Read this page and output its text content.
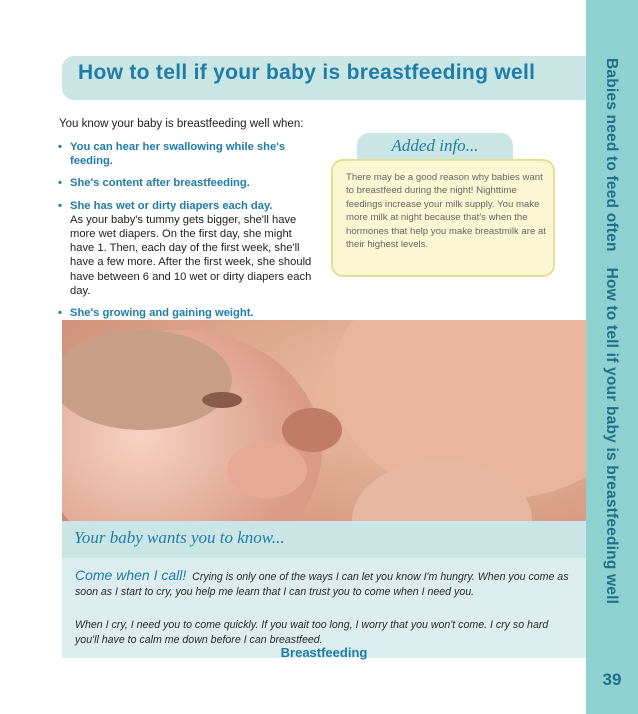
Babies need to feed oftenHow to tell if your baby is breastfeeding well
How to tell if your baby is breastfeeding well
You know your baby is breastfeeding well when:
• You can hear her swallowing while she's feeding.
• She's content after breastfeeding.
• She has wet or dirty diapers each day.
As your baby's tummy gets bigger, she'll have more wet diapers. On the first day, she might have 1. Then, each day of the first week, she'll have a few more. After the first week, she should have between 6 and 10 wet or dirty diapers each day.
• She's growing and gaining weight.
Added info...
There may be a good reason why babies want to breastfeed during the night! Nighttime feedings increase your milk supply. You make more milk at night because that's when the hormones that help you make breastmilk are at their highest levels.
Your baby wants you to know...
Come when I call! Crying is only one of the ways I can let you know I'm hungry. When you come as soon as I start to cry, you help me learn that I can trust you to come when I need you.
When I cry, I need you to come quickly. If you wait too long, I worry that you won't come. I cry so hard you'll have to calm me down before I can breastfeed.
Breastfeeding
39
